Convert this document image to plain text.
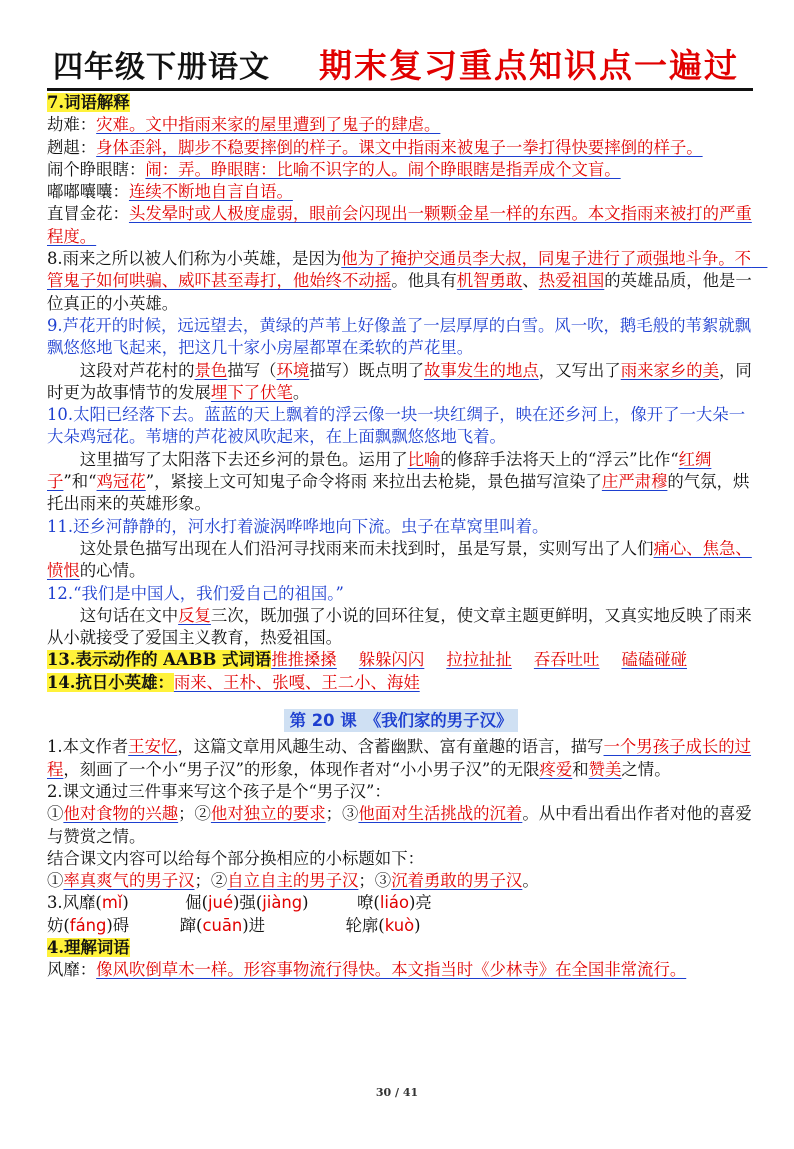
四年级下册语文 期末复习重点知识点一遍过

7.词语解释

劫难：灾难。文中指雨来家的屋里遭到了鬼子的肆虐。

趔趄：身体歪斜，脚步不稳要摔倒的样子。课文中指雨来被鬼子一拳打得快要摔倒的样子。

闹个睁眼瞎：闹：弄。睁眼瞎：比喻不识字的人。闹个睁眼瞎是指弄成个文盲。

嘟嘟囔囔：连续不断地自言自语。

直冒金花：头发晕时或人极度虚弱，眼前会闪现出一颗颗金星一样的东西。本文指雨来被打的严重程度。

8.雨来之所以被人们称为小英雄，是因为他为了掩护交通员李大叔，同鬼子进行了顽强地斗争。不　管鬼子如何哄骗、威吓甚至毒打，他始终不动摇。他具有机智勇敢、热爱祖国的英雄品质，他是一位真正的小英雄。

9.芦花开的时候，远远望去，黄绿的芦苇上好像盖了一层厚厚的白雪。风一吹，鹅毛般的苇絮就飘飘悠悠地飞起来，把这几十家小房屋都罩在柔软的芦花里。

这段对芦花村的景色描写（环境描写）既点明了故事发生的地点，又写出了雨来家乡的美，同时更为故事情节的发展埋下了伏笔。

10.太阳已经落下去。蓝蓝的天上飘着的浮云像一块一块红绸子，映在还乡河上，像开了一大朵一大朵鸡冠花。苇塘的芦花被风吹起来，在上面飘飘悠悠地飞着。

这里描写了太阳落下去还乡河的景色。运用了比喻的修辞手法将天上的“浮云”比作“红绸子”和“鸡冠花”，紧接上文可知鬼子命令将雨 来拉出去枪毙，景色描写渲染了庄严肃穆的气氛，烘托出雨来的英雄形象。

11.还乡河静静的，河水打着漩涡哗哗地向下流。虫子在草窝里叫着。

这处景色描写出现在人们沿河寻找雨来而未找到时，虽是写景，实则写出了人们痛心、焦急、愤恨的心情。

12.“我们是中国人，我们爱自己的祖国。”

这句话在文中反复三次，既加强了小说的回环往复，使文章主题更鲜明，又真实地反映了雨来从小就接受了爱国主义教育，热爱祖国。

13.表示动作的 AABB 式词语推推搡搡 躲躲闪闪 拉拉扯扯 吞吞吐吐 磕磕碰碰

14.抗日小英雄：雨来、王朴、张嘎、王二小、海娃

第 20 课　《我们家的男子汉》

1.本文作者王安忆，这篇文章用风趣生动、含蓄幽默、富有童趣的语言，描写一个男孩子成长的过程，刻画了一个小“男子汉”的形象，体现作者对“小小男子汉”的无限疼爱和赞美之情。

2.课文通过三件事来写这个孩子是个“男子汉”：

①他对食物的兴趣；②他对独立的要求；③他面对生活挑战的沉着。从中看出看出作者对他的喜爱与赞赏之情。

结合课文内容可以给每个部分换相应的小标题如下：

①率真爽气的男子汉；②自立自主的男子汉；③沉着勇敢的男子汉。

3.风靡(mǐ)	倔(jué)强(jiàng)	嘹(liáo)亮

妨(fáng)碍	蹿(cuān)进	轮廓(kuò)

4.理解词语

风靡：像风吹倒草木一样。形容事物流行得快。本文指当时《少林寺》在全国非常流行。

30 / 41
